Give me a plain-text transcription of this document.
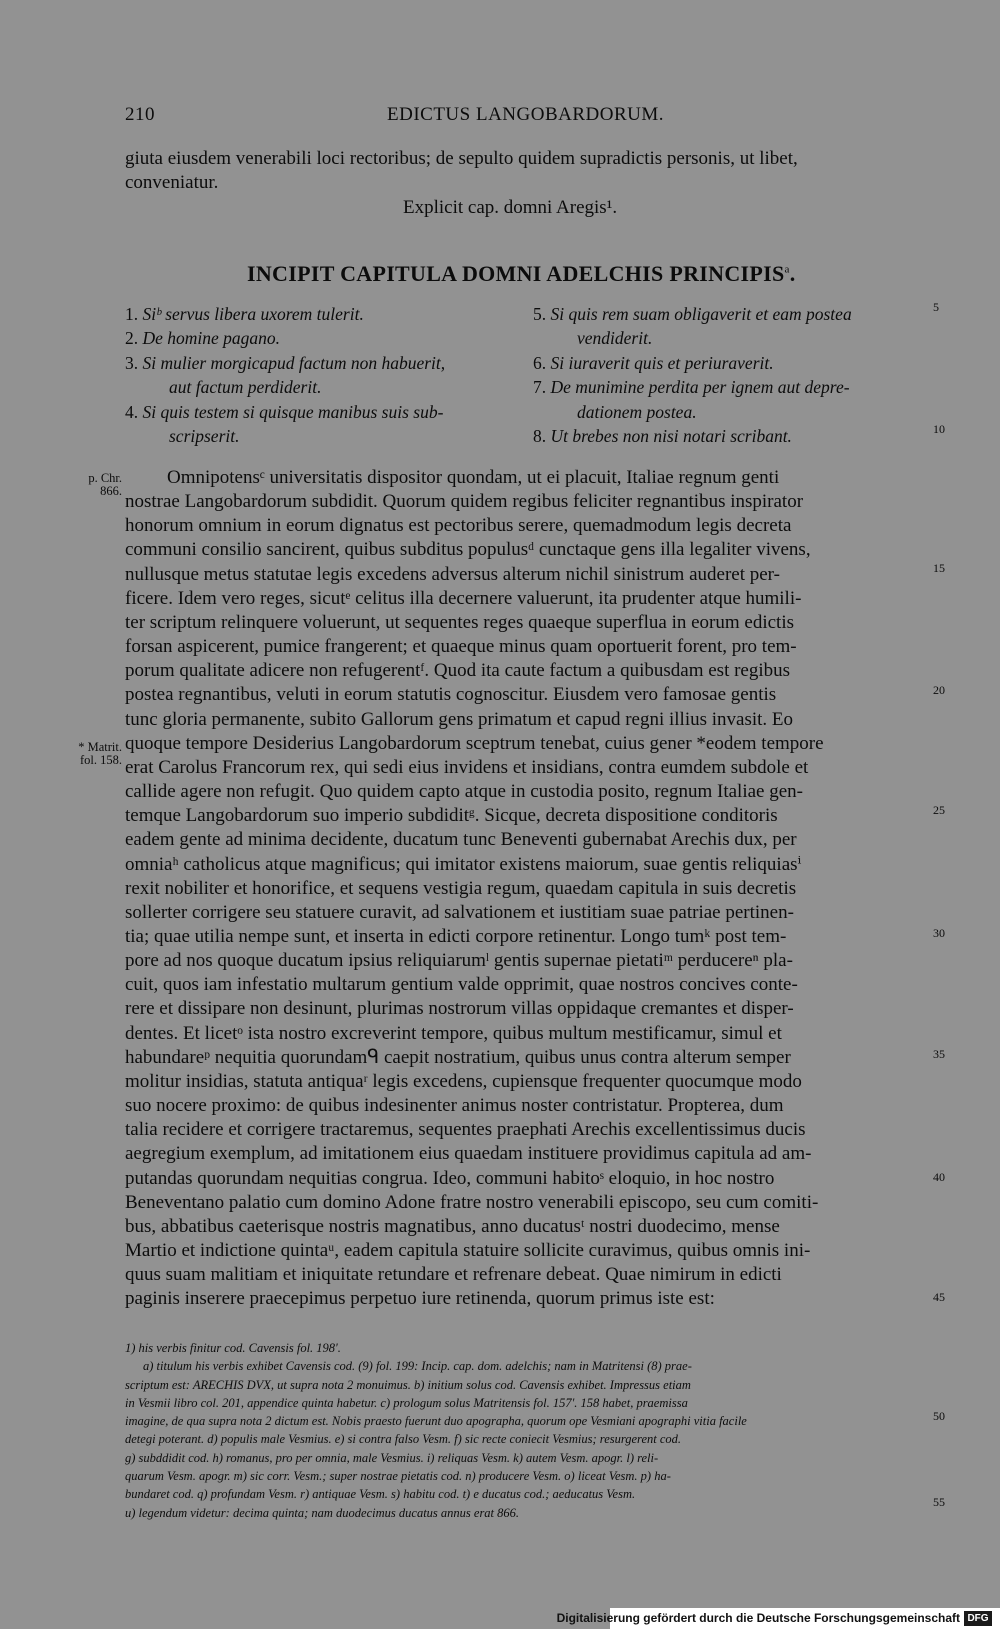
210	EDICTUS LANGOBARDORUM.
giuta eiusdem venerabili loci rectoribus; de sepulto quidem supradictis personis, ut libet,
conveniatur.
Explicit cap. domni Aregis¹.
INCIPIT CAPITULA DOMNI ADELCHIS PRINCIPIS$^a$.
1. Siᵇ servus libera uxorem tulerit.
2. De homine pagano.
3. Si mulier morgicapud factum non habuerit,
aut factum perdiderit.
4. Si quis testem si quisque manibus suis sub-
scripserit.
5. Si quis rem suam obligaverit et eam postea
vendiderit.
6. Si iuraverit quis et periuraverit.
7. De munimine perdita per ignem aut depre-
dationem postea.
8. Ut brebes non nisi notari scribant.
p. Chr. 866.
* Matrit. fol. 158.
5
10
15
20
25
30
35
40
45
50
55
Omnipotensᶜ universitatis dispositor quondam, ut ei placuit, Italiae regnum genti
nostrae Langobardorum subdidit. Quorum quidem regibus feliciter regnantibus inspirator
honorum omnium in eorum dignatus est pectoribus serere, quemadmodum legis decreta
communi consilio sancirent, quibus subditus populusᵈ cunctaque gens illa legaliter vivens,
nullusque metus statutae legis excedens adversus alterum nichil sinistrum auderet per-
ficere. Idem vero reges, sicutᵉ celitus illa decernere valuerunt, ita prudenter atque humili-
ter scriptum relinquere voluerunt, ut sequentes reges quaeque superflua in eorum edictis
forsan aspicerent, pumice frangerent; et quaeque minus quam oportuerit forent, pro tem-
porum qualitate adicere non refugerentᶠ. Quod ita caute factum a quibusdam est regibus
postea regnantibus, veluti in eorum statutis cognoscitur. Eiusdem vero famosae gentis
tunc gloria permanente, subito Gallorum gens primatum et capud regni illius invasit. Eo
quoque tempore Desiderius Langobardorum sceptrum tenebat, cuius gener *eodem tempore
erat Carolus Francorum rex, qui sedi eius invidens et insidians, contra eumdem subdole et
callide agere non refugit. Quo quidem capto atque in custodia posito, regnum Italiae gen-
temque Langobardorum suo imperio subdiditᵍ. Sicque, decreta dispositione conditoris
eadem gente ad minima decidente, ducatum tunc Beneventi gubernabat Arechis dux, per
omniaʰ catholicus atque magnificus; qui imitator existens maiorum, suae gentis reliquiasⁱ
rexit nobiliter et honorifice, et sequens vestigia regum, quaedam capitula in suis decretis
sollerter corrigere seu statuere curavit, ad salvationem et iustitiam suae patriae pertinen-
tia; quae utilia nempe sunt, et inserta in edicti corpore retinentur. Longo tumᵏ post tem-
pore ad nos quoque ducatum ipsius reliquiarumˡ gentis supernae pietatiᵐ perducereⁿ pla-
cuit, quos iam infestatio multarum gentium valde opprimit, quae nostros concives conte-
rere et dissipare non desinunt, plurimas nostrorum villas oppidaque cremantes et disper-
dentes. Et licetᵒ ista nostro excreverint tempore, quibus multum mestificamur, simul et
habundareᵖ nequitia quorundamᑫ caepit nostratium, quibus unus contra alterum semper
molitur insidias, statuta antiquaʳ legis excedens, cupiensque frequenter quocumque modo
suo nocere proximo: de quibus indesinenter animus noster contristatur. Propterea, dum
talia recidere et corrigere tractaremus, sequentes praephati Arechis excellentissimus ducis
aegregium exemplum, ad imitationem eius quaedam instituere providimus capitula ad am-
putandas quorundam nequitias congrua. Ideo, communi habitoˢ eloquio, in hoc nostro
Beneventano palatio cum domino Adone fratre nostro venerabili episcopo, seu cum comiti-
bus, abbatibus caeterisque nostris magnatibus, anno ducatusᵗ nostri duodecimo, mense
Martio et indictione quintaᵘ, eadem capitula statuire sollicite curavimus, quibus omnis ini-
quus suam malitiam et iniquitate retundare et refrenare debeat. Quae nimirum in edicti
paginis inserere praecepimus perpetuo iure retinenda, quorum primus iste est:
1) his verbis finitur cod. Cavensis fol. 198'.
a) titulum his verbis exhibet Cavensis cod. (9) fol. 199: Incip. cap. dom. adelchis; nam in Matritensi (8) prae-
scriptum est: ARECHIS DVX, ut supra nota 2 monuimus. b) initium solus cod. Cavensis exhibet. Impressus etiam
in Vesmii libro col. 201, appendice quinta habetur. c) prologum solus Matritensis fol. 157'. 158 habet, praemissa
imagine, de qua supra nota 2 dictum est. Nobis praesto fuerunt duo apographa, quorum ope Vesmiani apographi vitia facile
detegi poterant. d) populis male Vesmius. e) si contra falso Vesm. f) sic recte coniecit Vesmius; resurgerent cod.
g) subddidit cod. h) romanus, pro per omnia, male Vesmius. i) reliquas Vesm. k) autem Vesm. apogr. l) reli-
quarum Vesm. apogr. m) sic corr. Vesm.; super nostrae pietatis cod. n) producere Vesm. o) liceat Vesm. p) ha-
bundaret cod. q) profundam Vesm. r) antiquae Vesm. s) habitu cod. t) e ducatus cod.; aeducatus Vesm.
u) legendum videtur: decima quinta; nam duodecimus ducatus annus erat 866.
Digitalisierung gefördert durch die Deutsche Forschungsgemeinschaft DFG
